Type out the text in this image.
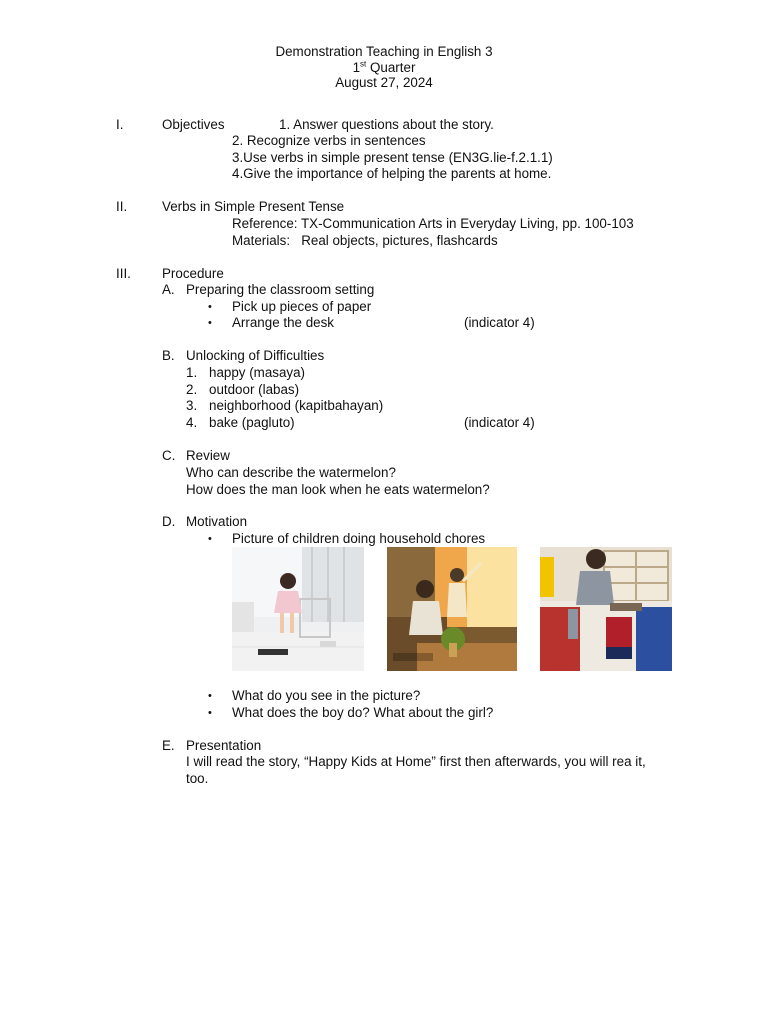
Demonstration Teaching in English 3
1st Quarter
August 27, 2024
I.	Objectives	1. Answer questions about the story.
2. Recognize verbs in sentences
3.Use verbs in simple present tense (EN3G.lie-f.2.1.1)
4.Give the importance of helping the parents at home.
II.	Verbs in Simple Present Tense
Reference: TX-Communication Arts in Everyday Living, pp. 100-103
Materials:   Real objects, pictures, flashcards
III. Procedure
A. Preparing the classroom setting
• Pick up pieces of paper
• Arrange the desk	(indicator 4)
B. Unlocking of Difficulties
1. happy (masaya)
2. outdoor (labas)
3. neighborhood (kapitbahayan)
4. bake (pagluto)	(indicator 4)
C. Review
Who can describe the watermelon?
How does the man look when he eats watermelon?
D. Motivation
• Picture of children doing household chores
• What do you see in the picture?
• What does the boy do? What about the girl?
E. Presentation
I will read the story, “Happy Kids at Home” first then afterwards, you will rea it,
too.
